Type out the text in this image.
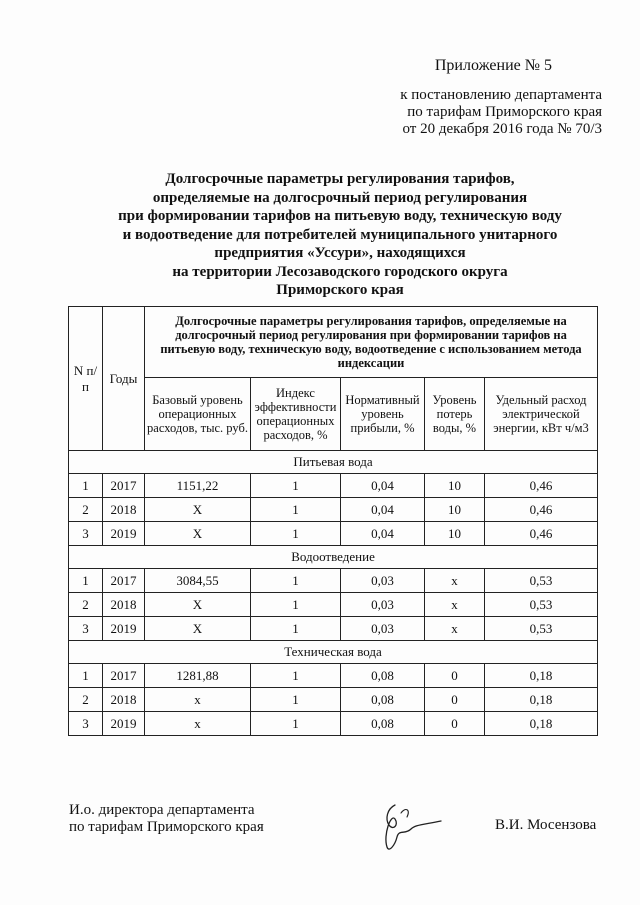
Приложение № 5
к постановлению департамента
по тарифам Приморского края
от 20 декабря 2016 года № 70/3
Долгосрочные параметры регулирования тарифов,
определяемые на долгосрочный период регулирования
при формировании тарифов на питьевую воду, техническую воду
и водоотведение для потребителей муниципального унитарного
предприятия «Уссури», находящихся
на территории Лесозаводского городского округа
Приморского края
N п/п	Годы	Долгосрочные параметры регулирования тарифов, определяемые на долгосрочный период регулирования при формировании тарифов на питьевую воду, техническую воду, водоотведение с использованием метода индексации				
		Базовый уровень операционных расходов, тыс. руб.	Индекс эффективности операционных расходов, %	Нормативный уровень прибыли, %	Уровень потерь воды, %	Удельный расход электрической энергии, кВт ч/м3
Питьевая вода						
1	2017	1151,22	1	0,04	10	0,46
2	2018	X	1	0,04	10	0,46
3	2019	X	1	0,04	10	0,46
Водоотведение						
1	2017	3084,55	1	0,03	х	0,53
2	2018	X	1	0,03	х	0,53
3	2019	X	1	0,03	х	0,53
Техническая вода						
1	2017	1281,88	1	0,08	0	0,18
2	2018	х	1	0,08	0	0,18
3	2019	х	1	0,08	0	0,18
И.о. директора департамента
по тарифам Приморского края	В.И. Мосензова
